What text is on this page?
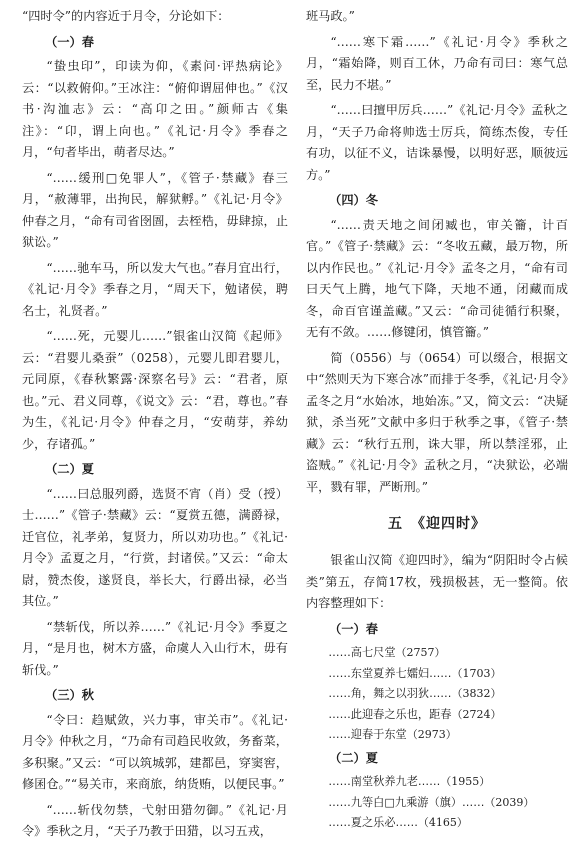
“四时令”的内容近于月令，分论如下：

（一）春

“蛰虫印”，印读为仰，《素问·评热病论》云：“以救俯仰。”王冰注：“俯仰谓屈伸也。”《汉书·沟洫志》云：“高卬之田。”颜师古《集注》：“卬，谓上向也。”《礼记·月令》季春之月，“句者毕出，萌者尽达。”

“……缓刑□免罪人”，《管子·禁藏》春三月，“赦薄罪，出拘民，解狱孵。”《礼记·月令》仲春之月，“命有司省囹圄，去桎梏，毋肆掠，止狱讼。”

“……驰车马，所以发大气也。”春月宜出行，《礼记·月令》季春之月，“周天下，勉诸侯，聘名士，礼贤者。”

“……死，元婴儿……”银雀山汉简《起师》云：“君婴儿桑蚕”（0258），元婴儿即君婴儿，元同原，《春秋繁露·深察名号》云：“君者，原也。”元、君义同尊，《说文》云：“君，尊也。”春为生，《礼记·月令》仲春之月，“安萌芽，养幼少，存诸孤。”

（二）夏

“……曰总服列爵，选贤不宵（肖）受（授）士……”《管子·禁藏》云：“夏赏五德，满爵禄，迁官位，礼孝弟，复贤力，所以劝功也。”《礼记·月令》孟夏之月，“行赏，封诸侯。”又云：“命太尉，赞杰俊，遂贤良，举长大，行爵出禄，必当其位。”

“禁斩伐，所以养……”《礼记·月令》季夏之月，“是月也，树木方盛，命虞人入山行木，毋有斩伐。”

（三）秋

“令曰：趋赋敛，兴力事，审关市”。《礼记·月令》仲秋之月，“乃命有司趋民收敛，务畜菜，多积聚。”又云：“可以筑城郭，建都邑，穿窦窖，修囷仓。”“易关市，来商旅，纳货贿，以便民事。”

“……斩伐勿禁，弋射田猎勿御。”《礼记·月令》季秋之月，“天子乃教于田猎，以习五戎，

班马政。”

“……寒下霜……”《礼记·月令》季秋之月，“霜始降，则百工休，乃命有司曰：寒气总至，民力不堪。”

“……曰擅甲厉兵……”《礼记·月令》孟秋之月，“天子乃命将帅选士厉兵，简练杰俊，专任有功，以征不义，诘诛暴慢，以明好恶，顺彼远方。”

（四）冬

“……责天地之间闭臧也，审关籥，计百官。”《管子·禁藏》云：“冬收五藏，最万物，所以内作民也。”《礼记·月令》孟冬之月，“命有司曰天气上腾，地气下降，天地不通，闭藏而成冬，命百官谨盖藏。”又云：“命司徒循行积聚，无有不敛。……修键闭，慎管籥。”

简（0556）与（0654）可以缀合，根据文中“然则天为下寒合冰”而排于冬季，《礼记·月令》孟冬之月“水始冰，地始冻。”又，简文云：“决疑狱，杀当死”文献中多归于秋季之事，《管子·禁藏》云：“秋行五刑，诛大罪，所以禁淫邪，止盗贼。”《礼记·月令》孟秋之月，“决狱讼，必端平，戮有罪，严断刑。”

五　《迎四时》

银雀山汉简《迎四时》，编为“阴阳时令占候类”第五，存简17枚，残损极甚，无一整简。依内容整理如下：

（一）春
……高七尺堂（2757）
……东堂夏养七嬬妇……（1703）
……角，舞之以羽狄……（3832）
……此迎春之乐也，距春（2724）
……迎春于东堂（2973）
（二）夏
……南堂秋养九老……（1955）
……九等白□九乘游（旗）……（2039）
……夏之乐必……（4165）
